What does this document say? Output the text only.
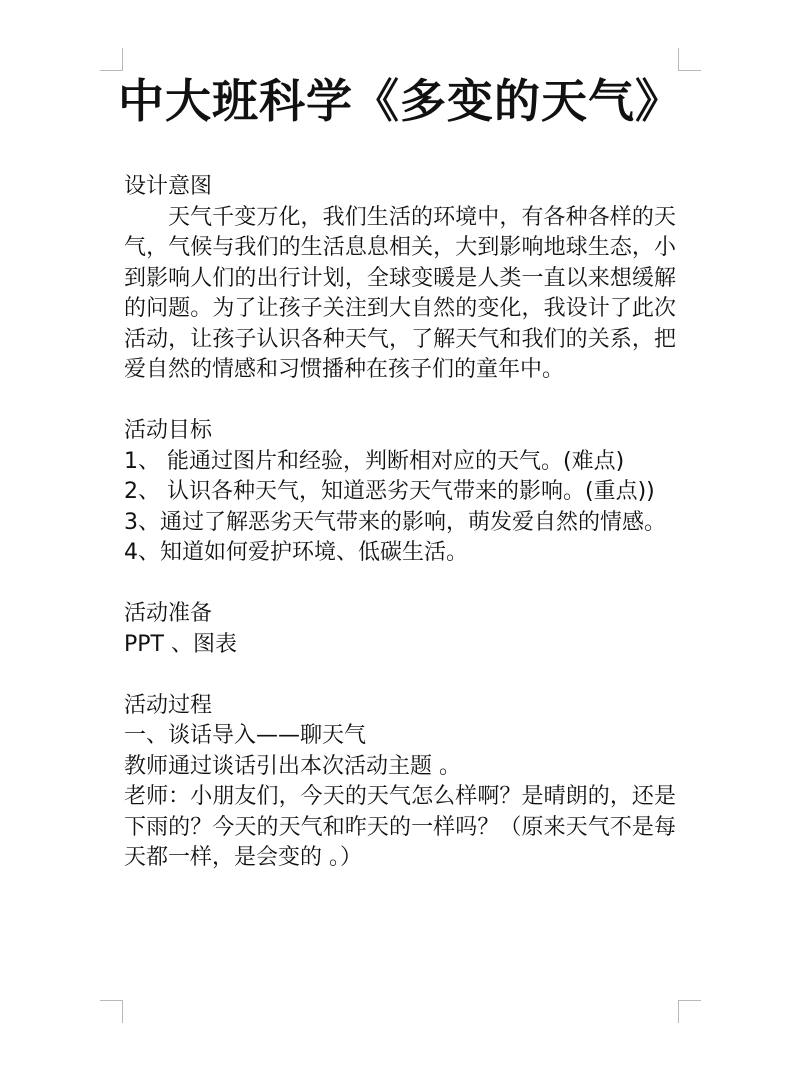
中大班科学《多变的天气》

设计意图

天气千变万化，我们生活的环境中，有各种各样的天气，气候与我们的生活息息相关，大到影响地球生态，小到影响人们的出行计划，全球变暖是人类一直以来想缓解的问题。为了让孩子关注到大自然的变化，我设计了此次活动，让孩子认识各种天气，了解天气和我们的关系，把爱自然的情感和习惯播种在孩子们的童年中。

活动目标

1、 能通过图片和经验，判断相对应的天气。(难点)

2、 认识各种天气，知道恶劣天气带来的影响。(重点))

3、通过了解恶劣天气带来的影响，萌发爱自然的情感。

4、知道如何爱护环境、低碳生活。

活动准备

PPT 、图表

活动过程

一、谈话导入——聊天气

教师通过谈话引出本次活动主题 。

老师：小朋友们，今天的天气怎么样啊？是晴朗的，还是下雨的？今天的天气和昨天的一样吗？（原来天气不是每天都一样，是会变的 。）
